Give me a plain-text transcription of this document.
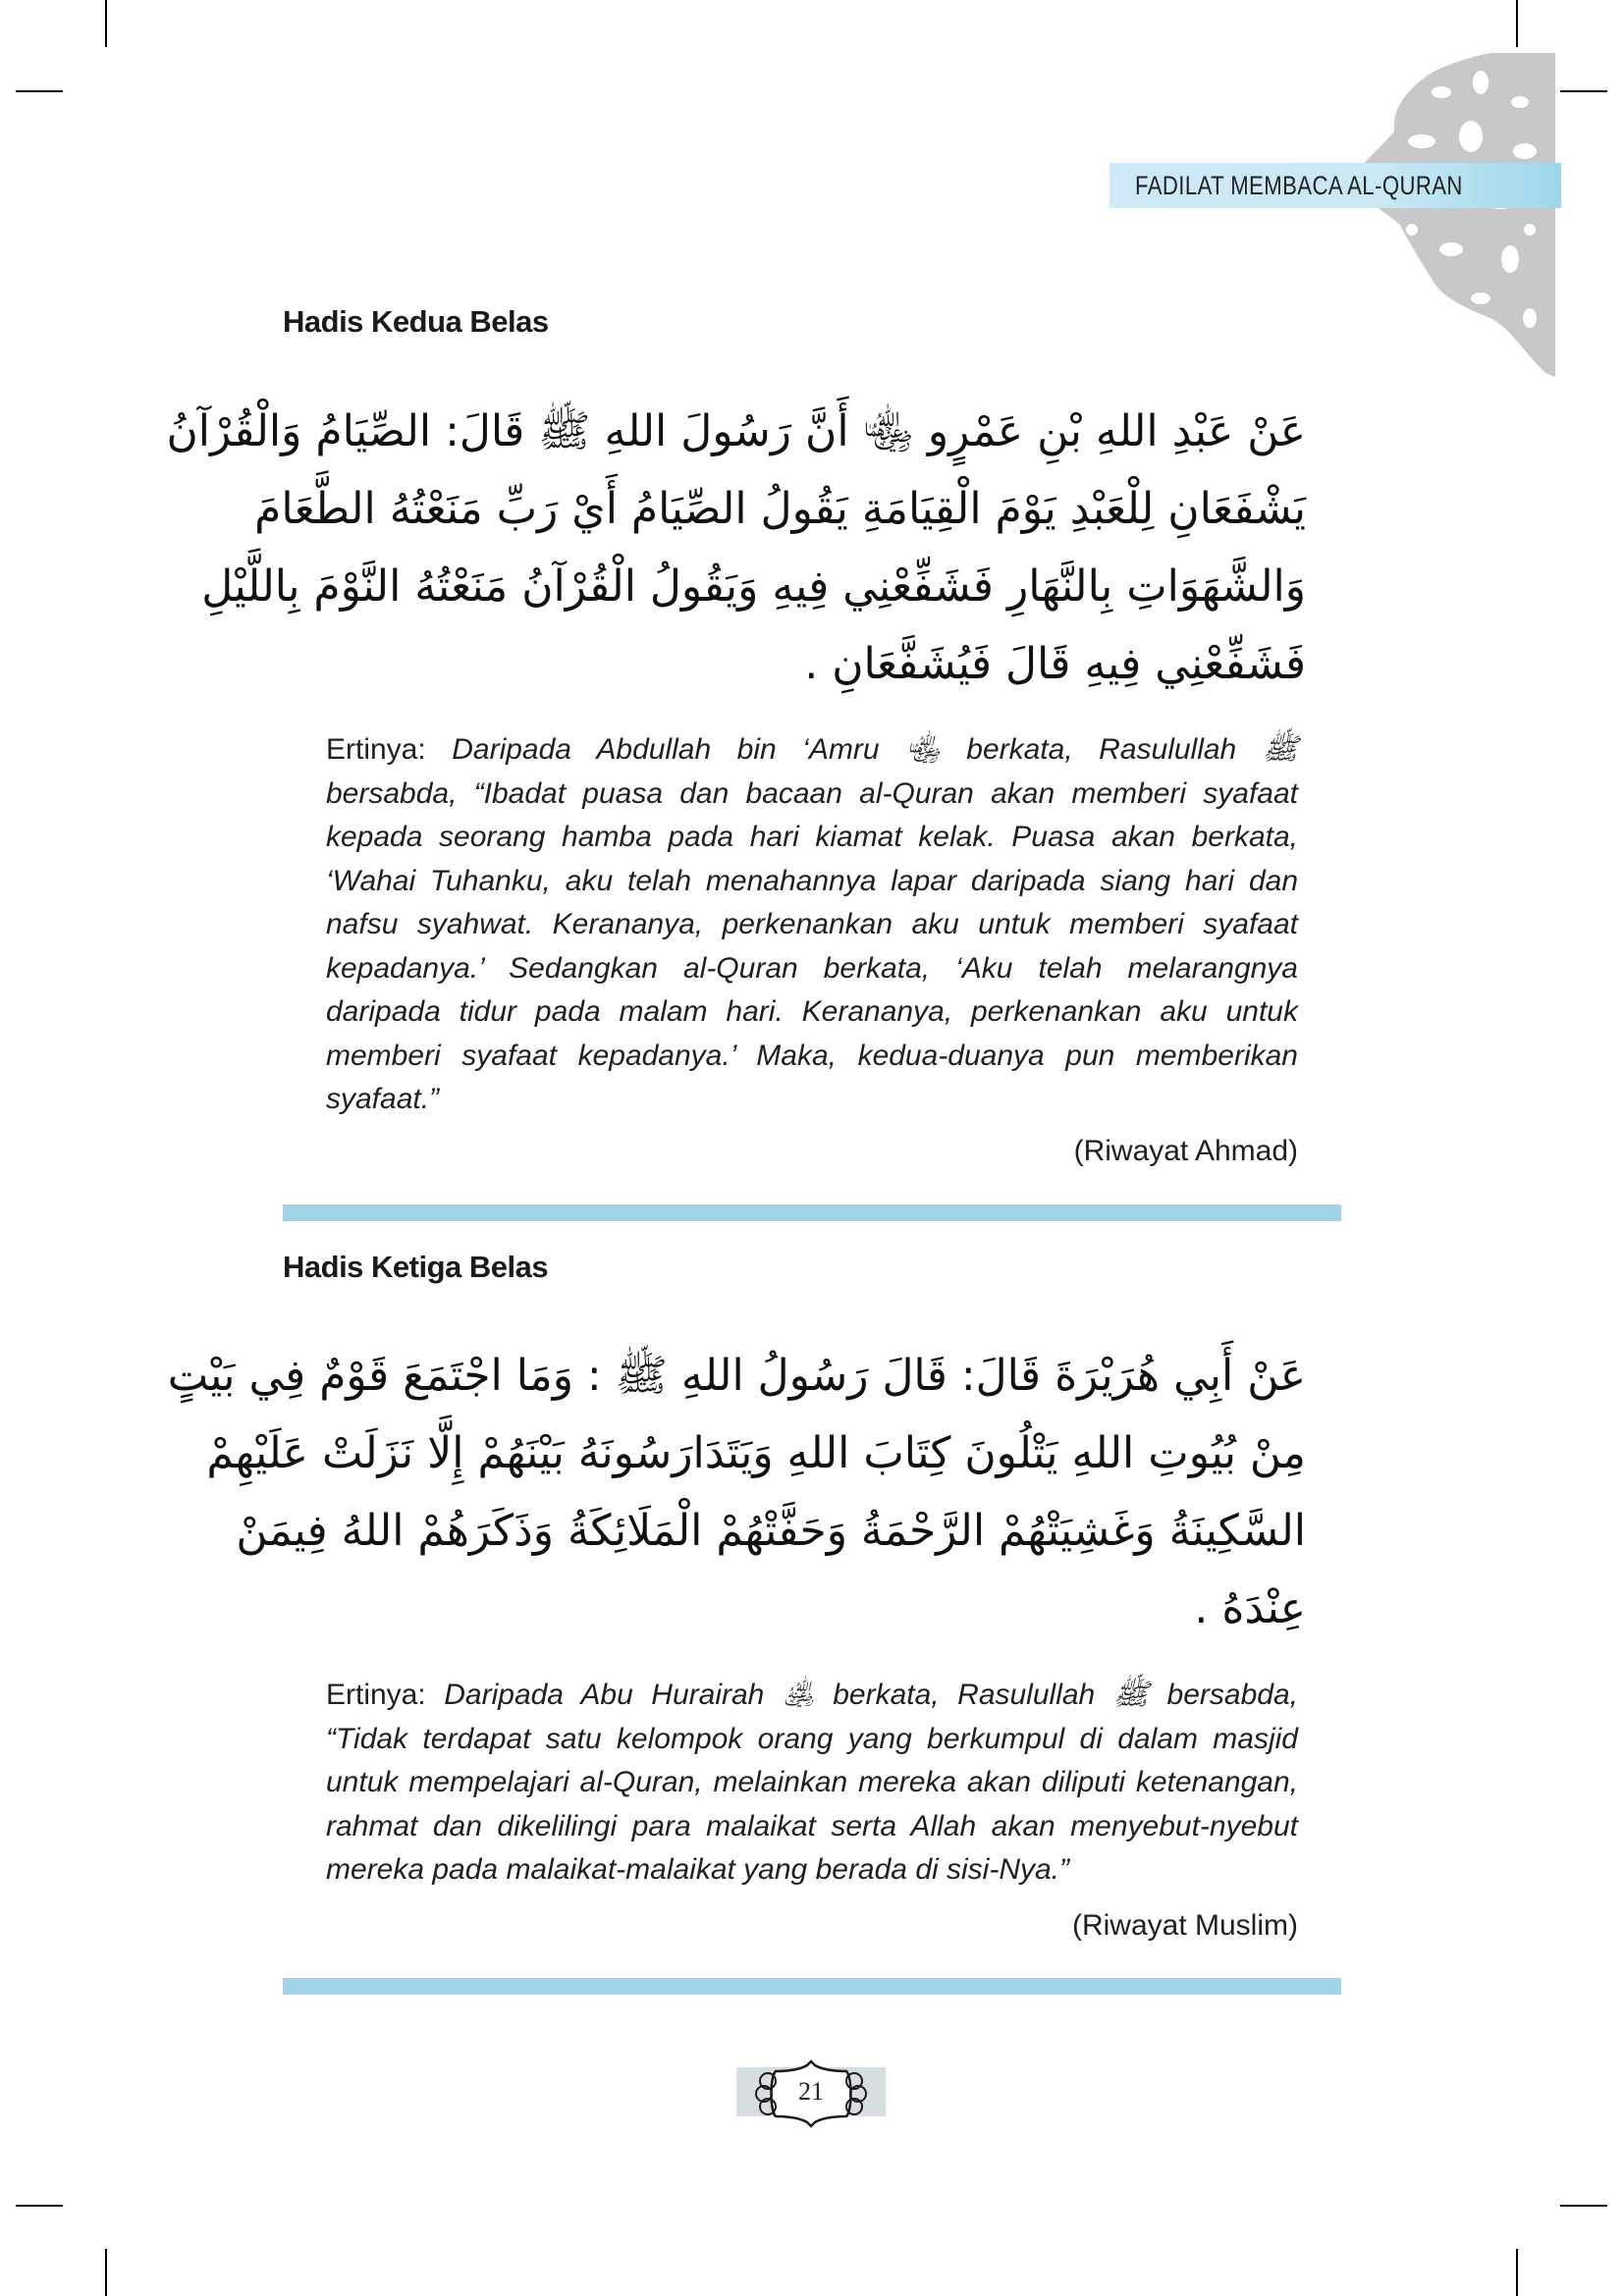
FADILAT MEMBACA AL-QURAN
Hadis Kedua Belas
عَنْ عَبْدِ اللهِ بْنِ عَمْرٍو ﵄ أَنَّ رَسُولَ اللهِ ﷺ قَالَ: الصِّيَامُ وَالْقُرْآنُ
يَشْفَعَانِ لِلْعَبْدِ يَوْمَ الْقِيَامَةِ يَقُولُ الصِّيَامُ أَيْ رَبِّ مَنَعْتُهُ الطَّعَامَ
وَالشَّهَوَاتِ بِالنَّهَارِ فَشَفِّعْنِي فِيهِ وَيَقُولُ الْقُرْآنُ مَنَعْتُهُ النَّوْمَ بِاللَّيْلِ
فَشَفِّعْنِي فِيهِ قَالَ فَيُشَفَّعَانِ .
Ertinya: Daripada Abdullah bin ‘Amru ﵄ berkata, Rasulullah ﷺ
bersabda, “Ibadat puasa dan bacaan al-Quran akan memberi syafaat
kepada seorang hamba pada hari kiamat kelak. Puasa akan berkata,
‘Wahai Tuhanku, aku telah menahannya lapar daripada siang hari dan
nafsu syahwat. Kerananya, perkenankan aku untuk memberi syafaat
kepadanya.’ Sedangkan al-Quran berkata, ‘Aku telah melarangnya
daripada tidur pada malam hari. Kerananya, perkenankan aku untuk
memberi syafaat kepadanya.’ Maka, kedua-duanya pun memberikan
syafaat.”
(Riwayat Ahmad)
Hadis Ketiga Belas
عَنْ أَبِي هُرَيْرَةَ قَالَ: قَالَ رَسُولُ اللهِ ﷺ : وَمَا اجْتَمَعَ قَوْمٌ فِي بَيْتٍ
مِنْ بُيُوتِ اللهِ يَتْلُونَ كِتَابَ اللهِ وَيَتَدَارَسُونَهُ بَيْنَهُمْ إِلَّا نَزَلَتْ عَلَيْهِمْ
السَّكِينَةُ وَغَشِيَتْهُمْ الرَّحْمَةُ وَحَفَّتْهُمْ الْمَلَائِكَةُ وَذَكَرَهُمْ اللهُ فِيمَنْ
عِنْدَهُ .
Ertinya: Daripada Abu Hurairah ﵁ berkata, Rasulullah ﷺ bersabda,
“Tidak terdapat satu kelompok orang yang berkumpul di dalam masjid
untuk mempelajari al-Quran, melainkan mereka akan diliputi ketenangan,
rahmat dan dikelilingi para malaikat serta Allah akan menyebut-nyebut
mereka pada malaikat-malaikat yang berada di sisi-Nya.”
(Riwayat Muslim)
21
